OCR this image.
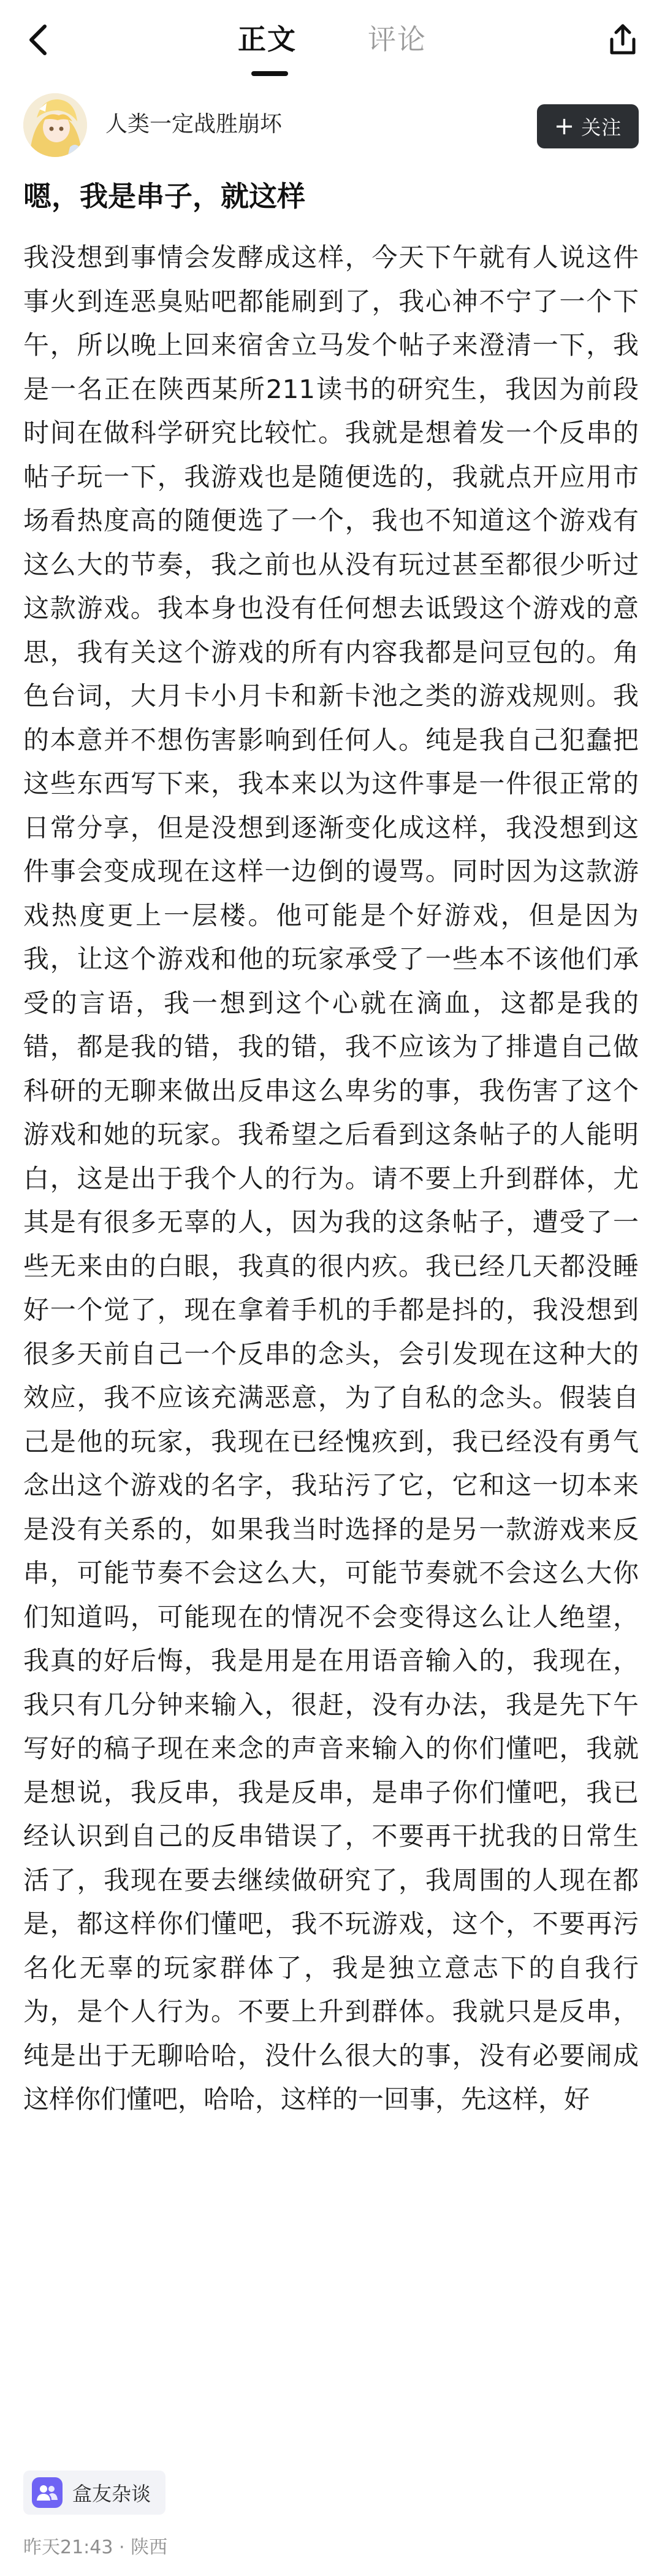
正文	评论
人类一定战胜崩坏	+ 关注
嗯，我是串子，就这样
我没想到事情会发酵成这样，今天下午就有人说这件事火到连恶臭贴吧都能刷到了，我心神不宁了一个下午，所以晚上回来宿舍立马发个帖子来澄清一下，我是一名正在陕西某所211读书的研究生，我因为前段时间在做科学研究比较忙。我就是想着发一个反串的帖子玩一下，我游戏也是随便选的，我就点开应用市场看热度高的随便选了一个，我也不知道这个游戏有这么大的节奏，我之前也从没有玩过甚至都很少听过这款游戏。我本身也没有任何想去诋毁这个游戏的意思，我有关这个游戏的所有内容我都是问豆包的。角色台词，大月卡小月卡和新卡池之类的游戏规则。我的本意并不想伤害影响到任何人。纯是我自己犯蠢把这些东西写下来，我本来以为这件事是一件很正常的日常分享，但是没想到逐渐变化成这样，我没想到这件事会变成现在这样一边倒的谩骂。同时因为这款游戏热度更上一层楼。他可能是个好游戏，但是因为我，让这个游戏和他的玩家承受了一些本不该他们承受的言语，我一想到这个心就在滴血，这都是我的错，都是我的错，我的错，我不应该为了排遣自己做科研的无聊来做出反串这么卑劣的事，我伤害了这个游戏和她的玩家。我希望之后看到这条帖子的人能明白，这是出于我个人的行为。请不要上升到群体，尤其是有很多无辜的人，因为我的这条帖子，遭受了一些无来由的白眼，我真的很内疚。我已经几天都没睡好一个觉了，现在拿着手机的手都是抖的，我没想到很多天前自己一个反串的念头，会引发现在这种大的效应，我不应该充满恶意，为了自私的念头。假装自己是他的玩家，我现在已经愧疚到，我已经没有勇气念出这个游戏的名字，我玷污了它，它和这一切本来是没有关系的，如果我当时选择的是另一款游戏来反串，可能节奏不会这么大，可能节奏就不会这么大你们知道吗，可能现在的情况不会变得这么让人绝望，我真的好后悔，我是用是在用语音输入的，我现在，我只有几分钟来输入，很赶，没有办法，我是先下午写好的稿子现在来念的声音来输入的你们懂吧，我就是想说，我反串，我是反串，是串子你们懂吧，我已经认识到自己的反串错误了，不要再干扰我的日常生活了，我现在要去继续做研究了，我周围的人现在都是，都这样你们懂吧，我不玩游戏，这个，不要再污名化无辜的玩家群体了，我是独立意志下的自我行为，是个人行为。不要上升到群体。我就只是反串，纯是出于无聊哈哈，没什么很大的事，没有必要闹成这样你们懂吧，哈哈，这样的一回事，先这样，好
盒友杂谈
昨天21:43 · 陕西
